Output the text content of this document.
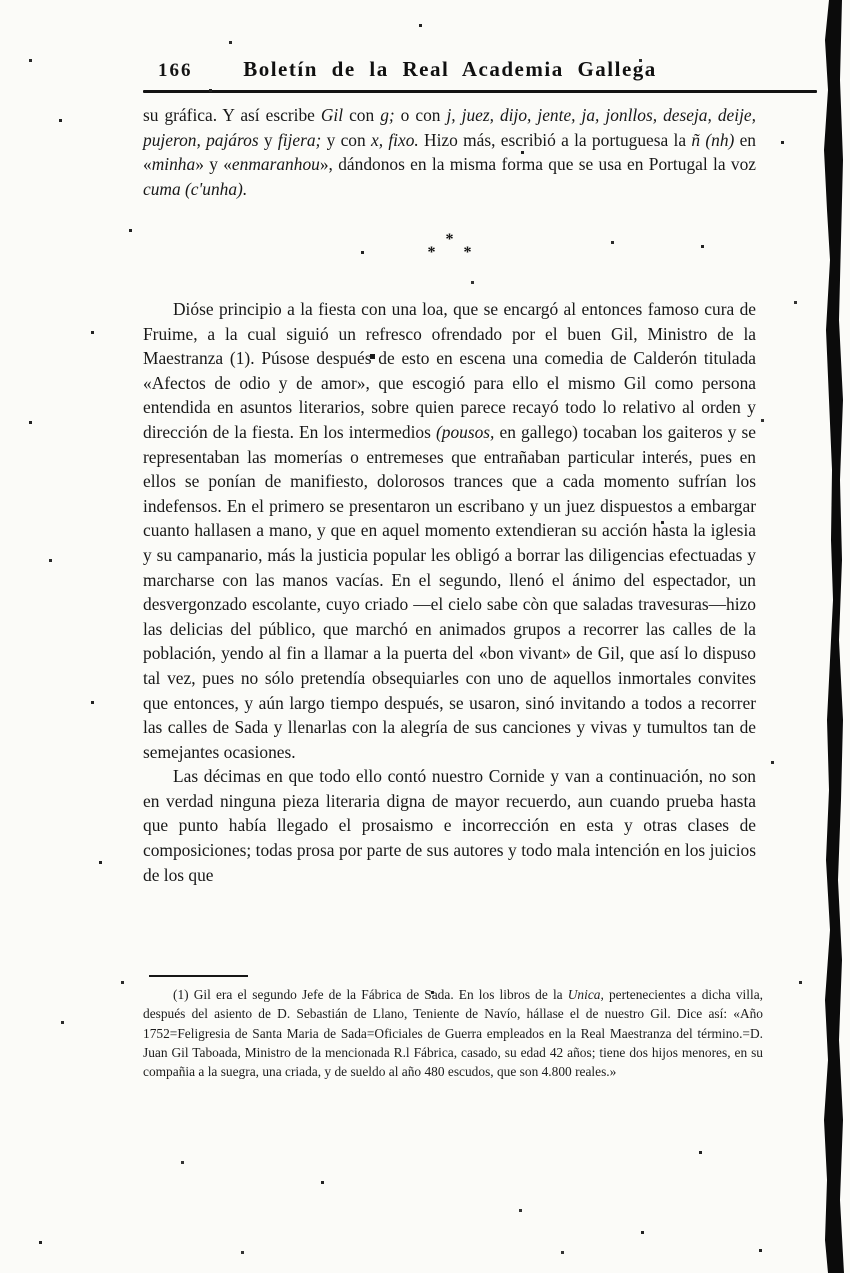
166	Boletín de la Real Academia Gallega
su gráfica. Y así escribe Gil con g; o con j, juez, dijo, jente, ja, jonllos, deseja, deije, pujeron, pajáros y fijera; y con x, fixo. Hizo más, escribió a la portuguesa la ñ (nh) en «minha» y «enmaranhou», dándonos en la misma forma que se usa en Portugal la voz cuma (c'unha).
*
* *

Dióse principio a la fiesta con una loa, que se encargó al entonces famoso cura de Fruime, a la cual siguió un refresco ofrendado por el buen Gil, Ministro de la Maestranza (1). Púsose después de esto en escena una comedia de Calderón titulada «Afectos de odio y de amor», que escogió para ello el mismo Gil como persona entendida en asuntos literarios, sobre quien parece recayó todo lo relativo al orden y dirección de la fiesta. En los intermedios (pousos, en gallego) tocaban los gaiteros y se representaban las momerías o entremeses que entrañaban particular interés, pues en ellos se ponían de manifiesto, dolorosos trances que a cada momento sufrían los indefensos. En el primero se presentaron un escribano y un juez dispuestos a embargar cuanto hallasen a mano, y que en aquel momento extendieran su acción hasta la iglesia y su campanario, más la justicia popular les obligó a borrar las diligencias efectuadas y marcharse con las manos vacías. En el segundo, llenó el ánimo del espectador, un desvergonzado escolante, cuyo criado —el cielo sabe còn que saladas travesuras—hizo las delicias del público, que marchó en animados grupos a recorrer las calles de la población, yendo al fin a llamar a la puerta del «bon vivant» de Gil, que así lo dispuso tal vez, pues no sólo pretendía obsequiarles con uno de aquellos inmortales convites que entonces, y aún largo tiempo después, se usaron, sinó invitando a todos a recorrer las calles de Sada y llenarlas con la alegría de sus canciones y vivas y tumultos tan de semejantes ocasiones.

Las décimas en que todo ello contó nuestro Cornide y van a continuación, no son en verdad ninguna pieza literaria digna de mayor recuerdo, aun cuando prueba hasta que punto había llegado el prosaismo e incorrección en esta y otras clases de composiciones; todas prosa por parte de sus autores y todo mala intención en los juicios de los que

(1) Gil era el segundo Jefe de la Fábrica de Sada. En los libros de la Unica, pertenecientes a dicha villa, después del asiento de D. Sebastián de Llano, Teniente de Navío, hállase el de nuestro Gil. Dice así: «Año 1752=Feligresia de Santa Maria de Sada=Oficiales de Guerra empleados en la Real Maestranza del término.=D. Juan Gil Taboada, Ministro de la mencionada R.l Fábrica, casado, su edad 42 años; tiene dos hijos menores, en su compañia a la suegra, una criada, y de sueldo al año 480 escudos, que son 4.800 reales.»
